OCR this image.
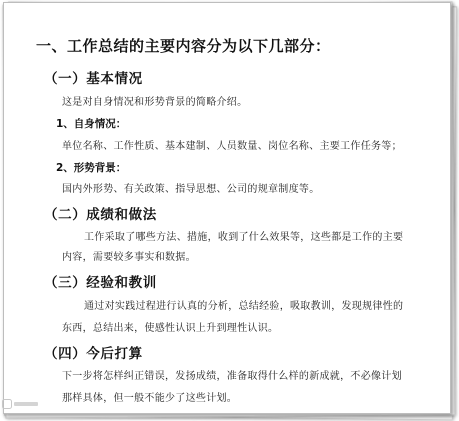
一、工作总结的主要内容分为以下几部分：
（一）基本情况
这是对自身情况和形势背景的简略介绍。
1、自身情况：
单位名称、工作性质、基本建制、人员数量、岗位名称、主要工作任务等；
2、形势背景：
国内外形势、有关政策、指导思想、公司的规章制度等。
（二）成绩和做法
工作采取了哪些方法、措施，收到了什么效果等，这些都是工作的主要
内容，需要较多事实和数据。
（三）经验和教训
通过对实践过程进行认真的分析，总结经验，吸取教训，发现规律性的
东西，总结出来，使感性认识上升到理性认识。
（四）今后打算
下一步将怎样纠正错误，发扬成绩，准备取得什么样的新成就，不必像计划
那样具体，但一般不能少了这些计划。
